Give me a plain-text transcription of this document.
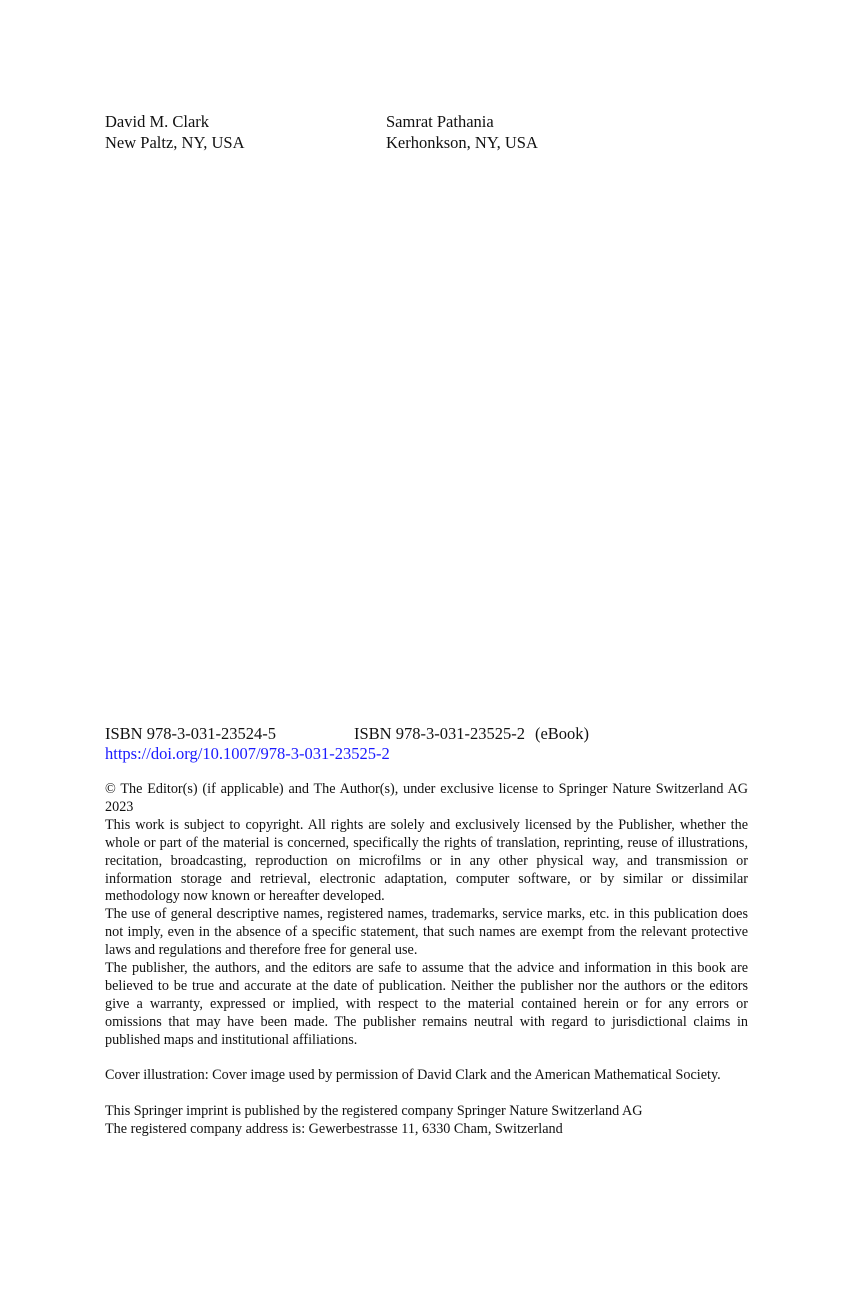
David M. Clark
New Paltz, NY, USA
Samrat Pathania
Kerhonkson, NY, USA
ISBN 978-3-031-23524-5	ISBN 978-3-031-23525-2 (eBook)
https://doi.org/10.1007/978-3-031-23525-2

© The Editor(s) (if applicable) and The Author(s), under exclusive license to Springer Nature Switzerland AG 2023

This work is subject to copyright. All rights are solely and exclusively licensed by the Publisher, whether the whole or part of the material is concerned, specifically the rights of translation, reprinting, reuse of illustrations, recitation, broadcasting, reproduction on microfilms or in any other physical way, and transmission or information storage and retrieval, electronic adaptation, computer software, or by similar or dissimilar methodology now known or hereafter developed.

The use of general descriptive names, registered names, trademarks, service marks, etc. in this publication does not imply, even in the absence of a specific statement, that such names are exempt from the relevant protective laws and regulations and therefore free for general use.

The publisher, the authors, and the editors are safe to assume that the advice and information in this book are believed to be true and accurate at the date of publication. Neither the publisher nor the authors or the editors give a warranty, expressed or implied, with respect to the material contained herein or for any errors or omissions that may have been made. The publisher remains neutral with regard to jurisdictional claims in published maps and institutional affiliations.

Cover illustration: Cover image used by permission of David Clark and the American Mathematical Society.

This Springer imprint is published by the registered company Springer Nature Switzerland AG

The registered company address is: Gewerbestrasse 11, 6330 Cham, Switzerland
